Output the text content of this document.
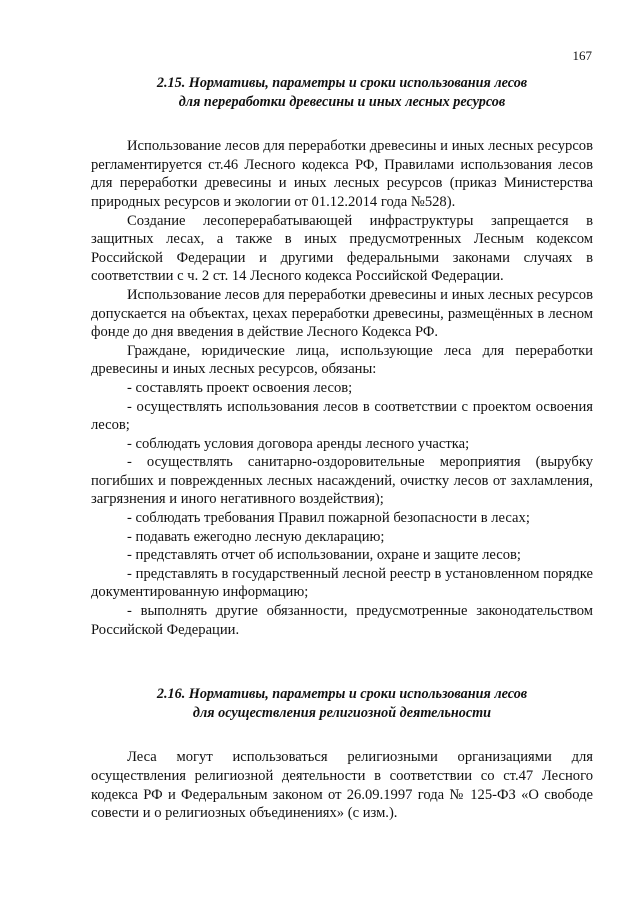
167
2.15. Нормативы, параметры и сроки использования лесов
для переработки древесины и иных лесных ресурсов

Использование лесов для переработки древесины и иных лесных ресурсов регламентируется ст.46 Лесного кодекса РФ, Правилами использования лесов для переработки древесины и иных лесных ресурсов (приказ Министерства природных ресурсов и экологии от 01.12.2014 года №528).

Создание лесоперерабатывающей инфраструктуры запрещается в защитных лесах, а также в иных предусмотренных Лесным кодексом Российской Федерации и другими федеральными законами случаях в соответствии с ч. 2 ст. 14 Лесного кодекса Российской Федерации.

Использование лесов для переработки древесины и иных лесных ресурсов допускается на объектах, цехах переработки древесины, размещённых в лесном фонде до дня введения в действие Лесного Кодекса РФ.

Граждане, юридические лица, использующие леса для переработки древесины и иных лесных ресурсов, обязаны:

- составлять проект освоения лесов;

- осуществлять использования лесов в соответствии с проектом освоения лесов;

- соблюдать условия договора аренды лесного участка;

- осуществлять санитарно-оздоровительные мероприятия (вырубку погибших и поврежденных лесных насаждений, очистку лесов от захламления, загрязнения и иного негативного воздействия);

- соблюдать требования Правил пожарной безопасности в лесах;

- подавать ежегодно лесную декларацию;

- представлять отчет об использовании, охране и защите лесов;

- представлять в государственный лесной реестр в установленном порядке документированную информацию;

- выполнять другие обязанности, предусмотренные законодательством Российской Федерации.

2.16. Нормативы, параметры и сроки использования лесов
для осуществления религиозной деятельности

Леса могут использоваться религиозными организациями для осуществления религиозной деятельности в соответствии со ст.47 Лесного кодекса РФ и Федеральным законом от 26.09.1997 года № 125-ФЗ «О свободе совести и о религиозных объединениях» (с изм.).
